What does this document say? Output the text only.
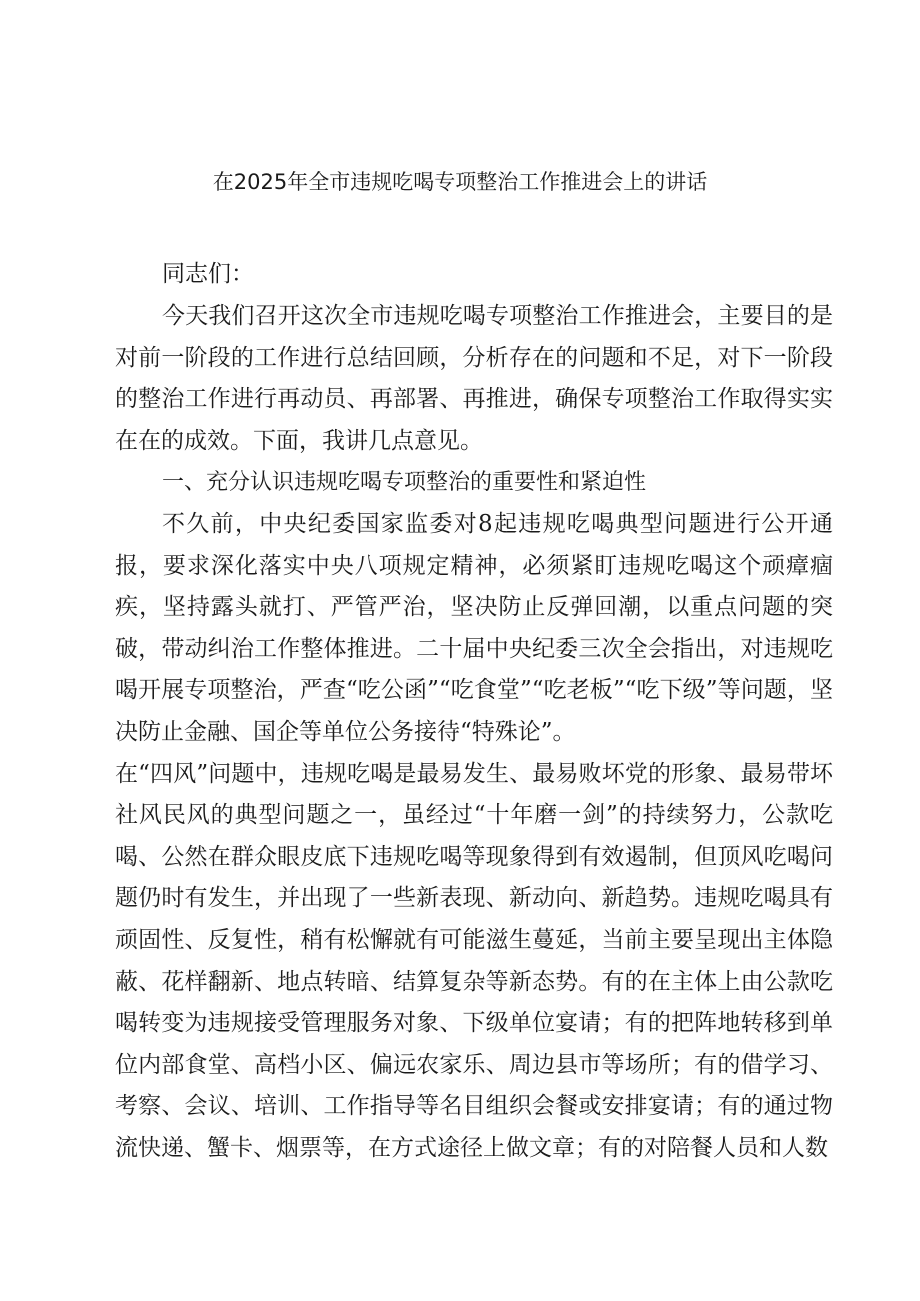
在2025年全市违规吃喝专项整治工作推进会上的讲话

同志们：

今天我们召开这次全市违规吃喝专项整治工作推进会，主要目的是对前一阶段的工作进行总结回顾，分析存在的问题和不足，对下一阶段的整治工作进行再动员、再部署、再推进，确保专项整治工作取得实实在在的成效。下面，我讲几点意见。

一、充分认识违规吃喝专项整治的重要性和紧迫性

不久前，中央纪委国家监委对8起违规吃喝典型问题进行公开通报，要求深化落实中央八项规定精神，必须紧盯违规吃喝这个顽瘴痼疾，坚持露头就打、严管严治，坚决防止反弹回潮，以重点问题的突破，带动纠治工作整体推进。二十届中央纪委三次全会指出，对违规吃喝开展专项整治，严查“吃公函”“吃食堂”“吃老板”“吃下级”等问题，坚决防止金融、国企等单位公务接待“特殊论”。

在“四风”问题中，违规吃喝是最易发生、最易败坏党的形象、最易带坏社风民风的典型问题之一，虽经过“十年磨一剑”的持续努力，公款吃喝、公然在群众眼皮底下违规吃喝等现象得到有效遏制，但顶风吃喝问题仍时有发生，并出现了一些新表现、新动向、新趋势。违规吃喝具有顽固性、反复性，稍有松懈就有可能滋生蔓延，当前主要呈现出主体隐蔽、花样翻新、地点转暗、结算复杂等新态势。有的在主体上由公款吃喝转变为违规接受管理服务对象、下级单位宴请；有的把阵地转移到单位内部食堂、高档小区、偏远农家乐、周边县市等场所；有的借学习、考察、会议、培训、工作指导等名目组织会餐或安排宴请；有的通过物流快递、蟹卡、烟票等，在方式途径上做文章；有的对陪餐人员和人数
